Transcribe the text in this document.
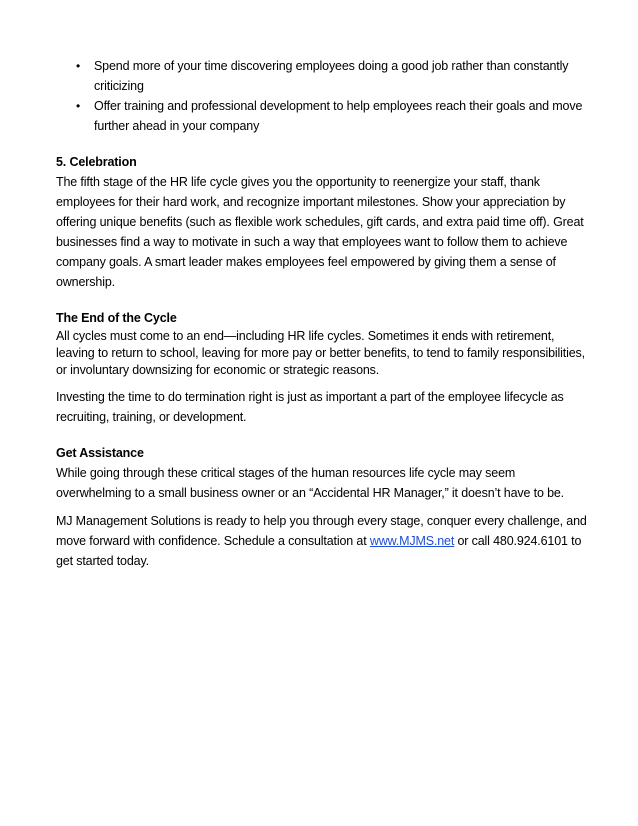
• Spend more of your time discovering employees doing a good job rather than constantly criticizing
• Offer training and professional development to help employees reach their goals and move further ahead in your company
5. Celebration

The fifth stage of the HR life cycle gives you the opportunity to reenergize your staff, thank employees for their hard work, and recognize important milestones. Show your appreciation by offering unique benefits (such as flexible work schedules, gift cards, and extra paid time off). Great businesses find a way to motivate in such a way that employees want to follow them to achieve company goals. A smart leader makes employees feel empowered by giving them a sense of ownership.

The End of the Cycle

All cycles must come to an end—including HR life cycles. Sometimes it ends with retirement, leaving to return to school, leaving for more pay or better benefits, to tend to family responsibilities, or involuntary downsizing for economic or strategic reasons.

Investing the time to do termination right is just as important a part of the employee lifecycle as recruiting, training, or development.

Get Assistance

While going through these critical stages of the human resources life cycle may seem overwhelming to a small business owner or an “Accidental HR Manager,” it doesn’t have to be.

MJ Management Solutions is ready to help you through every stage, conquer every challenge, and move forward with confidence. Schedule a consultation at www.MJMS.net or call 480.924.6101 to get started today.
